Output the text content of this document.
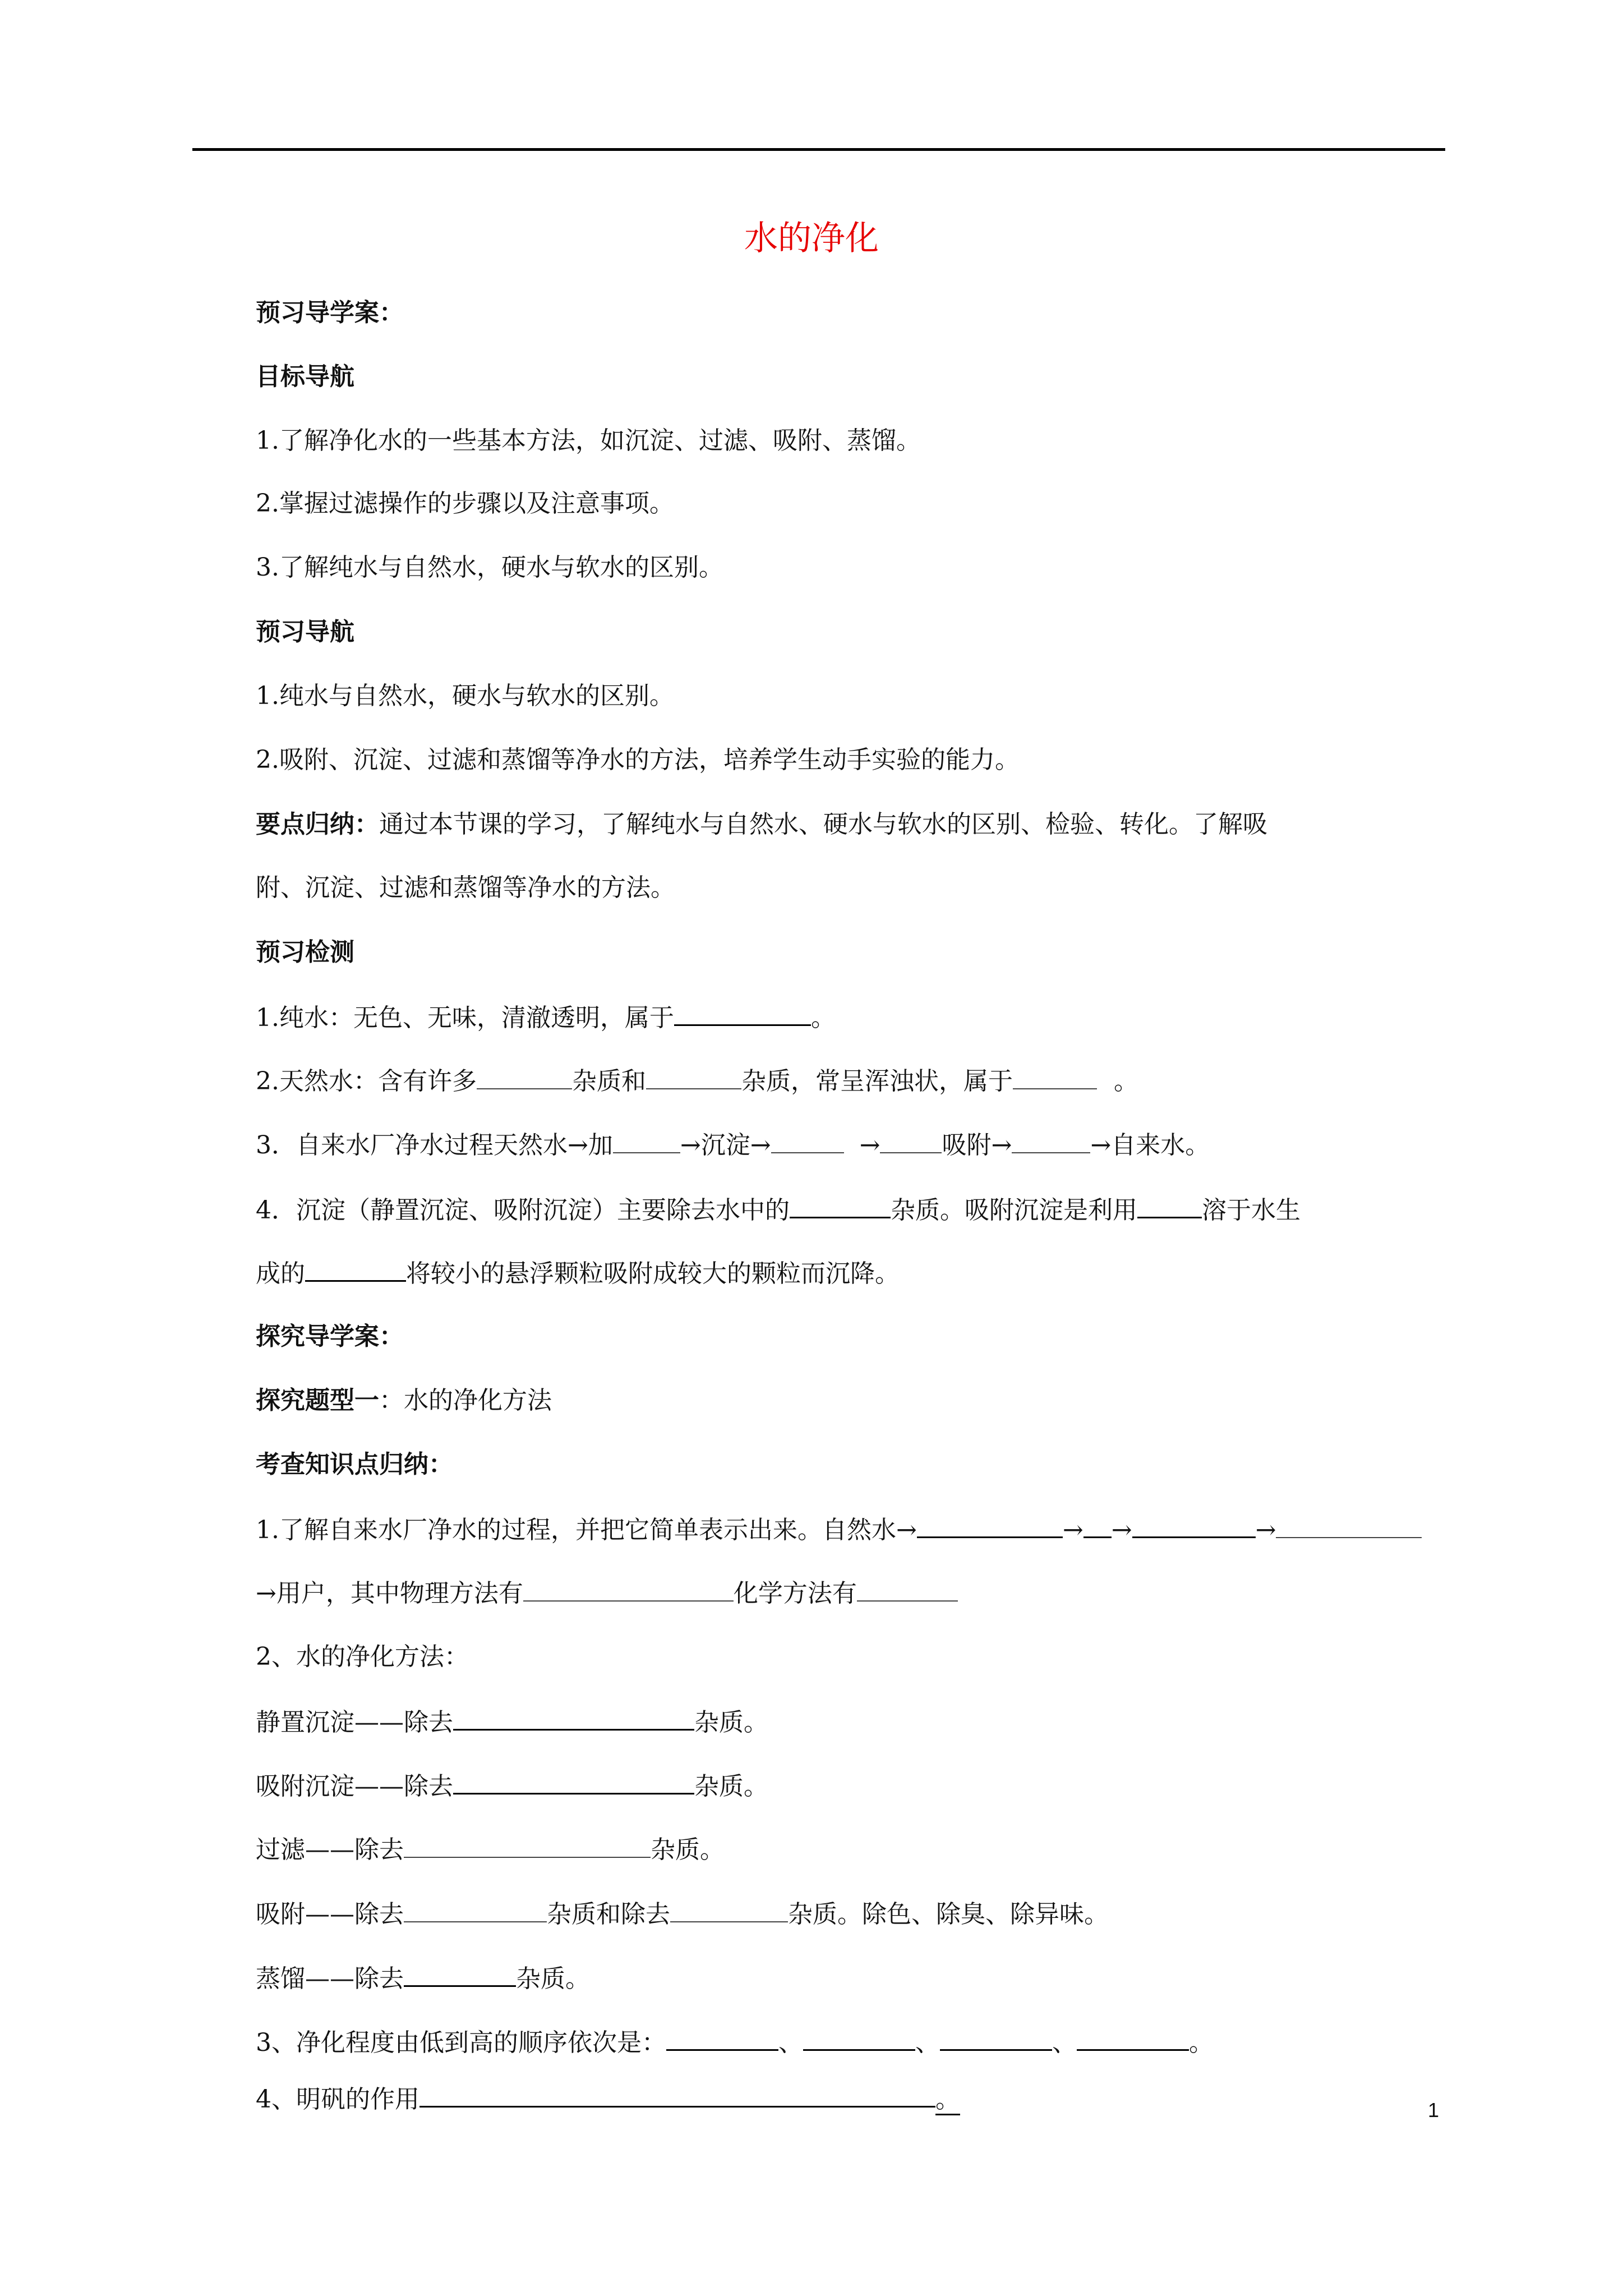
水的净化
预习导学案：
目标导航
1.了解净化水的一些基本方法，如沉淀、过滤、吸附、蒸馏。
2.掌握过滤操作的步骤以及注意事项。
3.了解纯水与自然水，硬水与软水的区别。
预习导航
1.纯水与自然水，硬水与软水的区别。
2.吸附、沉淀、过滤和蒸馏等净水的方法，培养学生动手实验的能力。
要点归纳：通过本节课的学习，了解纯水与自然水、硬水与软水的区别、检验、转化。了解吸
附、沉淀、过滤和蒸馏等净水的方法。
预习检测
1.纯水：无色、无味，清澈透明，属于	。
2.天然水：含有许多	杂质和	杂质，常呈浑浊状，属于	。
3．自来水厂净水过程天然水→加	→沉淀→	→	吸附→	→自来水。
4．沉淀（静置沉淀、吸附沉淀）主要除去水中的	杂质。吸附沉淀是利用	溶于水生
成的	将较小的悬浮颗粒吸附成较大的颗粒而沉降。
探究导学案：
探究题型一：水的净化方法
考查知识点归纳：
1.了解自来水厂净水的过程，并把它简单表示出来。自然水→	→ →	→
→用户，其中物理方法有	化学方法有
2、水的净化方法：
静置沉淀——除去	杂质。
吸附沉淀——除去	杂质。
过滤——除去	杂质。
吸附——除去	杂质和除去	杂质。除色、除臭、除异味。
蒸馏——除去	杂质。
3、净化程度由低到高的顺序依次是：	、	、	、	。
4、明矾的作用	。	1
